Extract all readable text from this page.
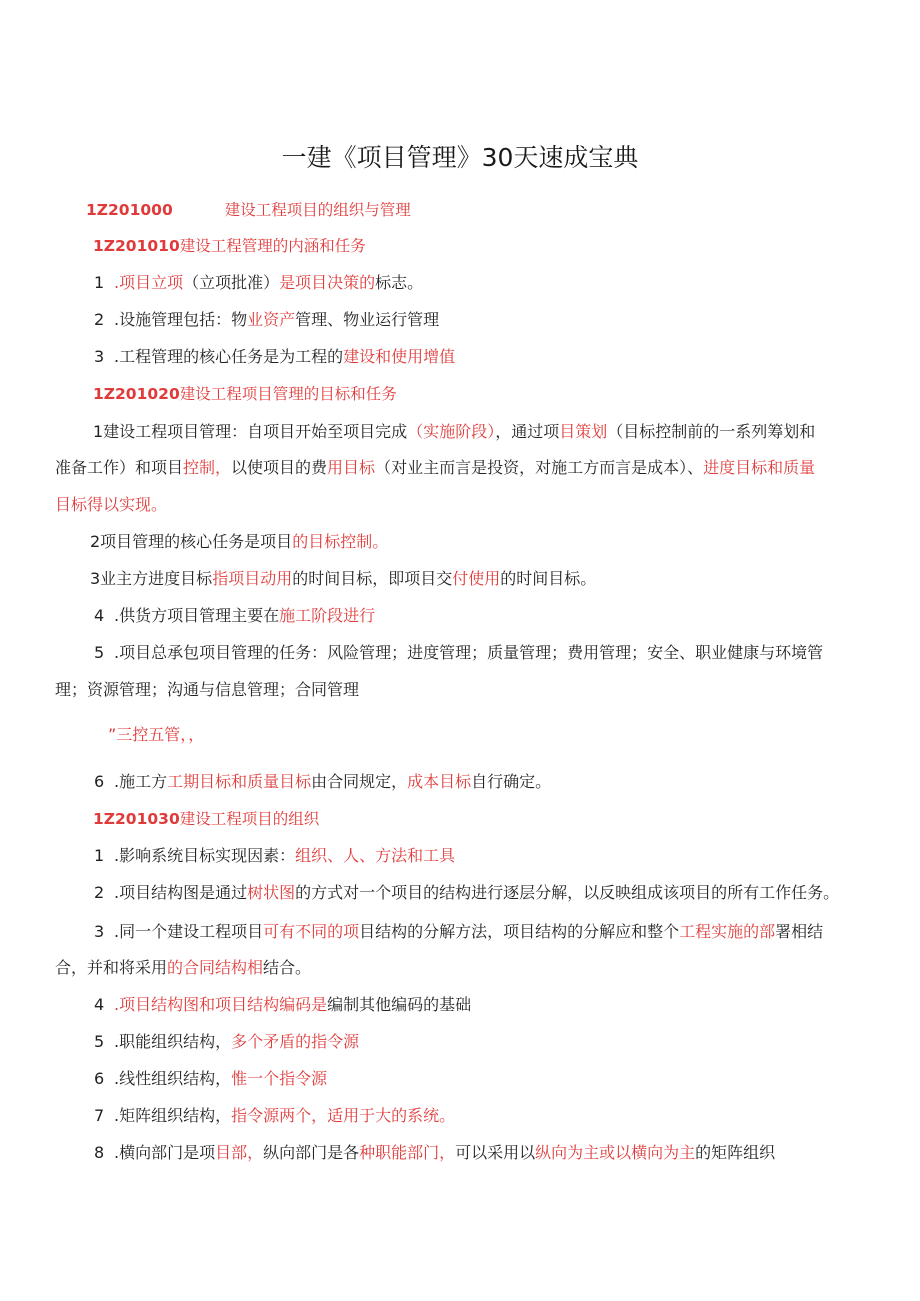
一建《项目管理》30天速成宝典
1Z201000	建设工程项目的组织与管理
1Z201010建设工程管理的内涵和任务
1 .项目立项（立项批准）是项目决策的标志。
2 .设施管理包括：物业资产管理、物业运行管理
3 .工程管理的核心任务是为工程的建设和使用增值
1Z201020建设工程项目管理的目标和任务
1建设工程项目管理：自项目开始至项目完成（实施阶段），通过项目策划（目标控制前的一系列筹划和
准备工作）和项目控制，以使项目的费用目标（对业主而言是投资，对施工方而言是成本）、进度目标和质量
目标得以实现。
2项目管理的核心任务是项目的目标控制。
3业主方进度目标指项目动用的时间目标，即项目交付使用的时间目标。
4 .供货方项目管理主要在施工阶段进行
5 .项目总承包项目管理的任务：风险管理；进度管理；质量管理；费用管理；安全、职业健康与环境管
理；资源管理；沟通与信息管理；合同管理
”三控五管，，
6 .施工方工期目标和质量目标由合同规定，成本目标自行确定。
1Z201030建设工程项目的组织
1 .影响系统目标实现因素：组织、人、方法和工具
2 .项目结构图是通过树状图的方式对一个项目的结构进行逐层分解，以反映组成该项目的所有工作任务。
3 .同一个建设工程项目可有不同的项目结构的分解方法，项目结构的分解应和整个工程实施的部署相结
合，并和将采用的合同结构相结合。
4 .项目结构图和项目结构编码是编制其他编码的基础
5 .职能组织结构，多个矛盾的指令源
6 .线性组织结构，惟一个指令源
7 .矩阵组织结构，指令源两个，适用于大的系统。
8 .横向部门是项目部，纵向部门是各种职能部门，可以采用以纵向为主或以横向为主的矩阵组织
